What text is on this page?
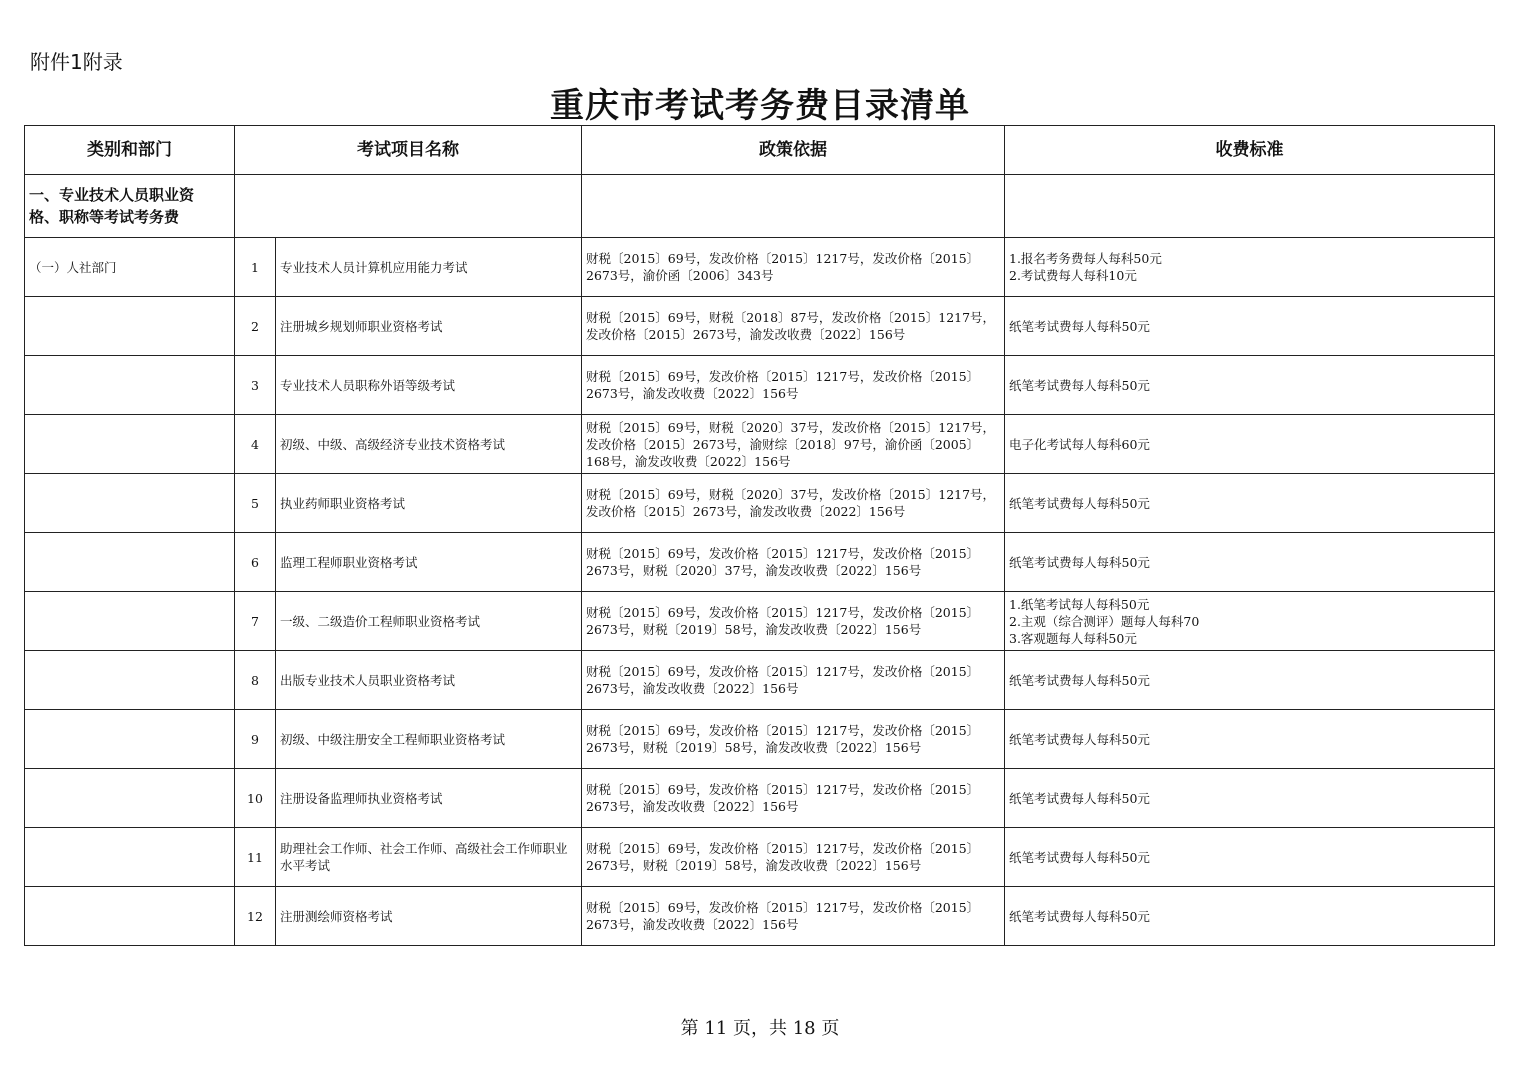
附件1附录
重庆市考试考务费目录清单
类别和部门	考试项目名称		政策依据	收费标准

一、专业技术人员职业资
格、职称等考试考务费				

（一）人社部门	1	专业技术人员计算机应用能力考试	财税〔2015〕69号，发改价格〔2015〕1217号，发改价格〔2015〕2673号，渝价函〔2006〕343号	1.报名考务费每人每科50元
2.考试费每人每科10元

	2	注册城乡规划师职业资格考试	财税〔2015〕69号，财税〔2018〕87号，发改价格〔2015〕1217号，发改价格〔2015〕2673号，渝发改收费〔2022〕156号	纸笔考试费每人每科50元

	3	专业技术人员职称外语等级考试	财税〔2015〕69号，发改价格〔2015〕1217号，发改价格〔2015〕2673号，渝发改收费〔2022〕156号	纸笔考试费每人每科50元

	4	初级、中级、高级经济专业技术资格考试	财税〔2015〕69号，财税〔2020〕37号，发改价格〔2015〕1217号，发改价格〔2015〕2673号，渝财综〔2018〕97号，渝价函〔2005〕168号，渝发改收费〔2022〕156号	电子化考试每人每科60元

	5	执业药师职业资格考试	财税〔2015〕69号，财税〔2020〕37号，发改价格〔2015〕1217号，发改价格〔2015〕2673号，渝发改收费〔2022〕156号	纸笔考试费每人每科50元

	6	监理工程师职业资格考试	财税〔2015〕69号，发改价格〔2015〕1217号，发改价格〔2015〕2673号，财税〔2020〕37号，渝发改收费〔2022〕156号	纸笔考试费每人每科50元

	7	一级、二级造价工程师职业资格考试	财税〔2015〕69号，发改价格〔2015〕1217号，发改价格〔2015〕2673号，财税〔2019〕58号，渝发改收费〔2022〕156号	1.纸笔考试每人每科50元
2.主观（综合测评）题每人每科70
3.客观题每人每科50元

	8	出版专业技术人员职业资格考试	财税〔2015〕69号，发改价格〔2015〕1217号，发改价格〔2015〕2673号，渝发改收费〔2022〕156号	纸笔考试费每人每科50元

	9	初级、中级注册安全工程师职业资格考试	财税〔2015〕69号，发改价格〔2015〕1217号，发改价格〔2015〕2673号，财税〔2019〕58号，渝发改收费〔2022〕156号	纸笔考试费每人每科50元

	10	注册设备监理师执业资格考试	财税〔2015〕69号，发改价格〔2015〕1217号，发改价格〔2015〕2673号，渝发改收费〔2022〕156号	纸笔考试费每人每科50元

	11	助理社会工作师、社会工作师、高级社会工作师职业水平考试	财税〔2015〕69号，发改价格〔2015〕1217号，发改价格〔2015〕2673号，财税〔2019〕58号，渝发改收费〔2022〕156号	纸笔考试费每人每科50元

	12	注册测绘师资格考试	财税〔2015〕69号，发改价格〔2015〕1217号，发改价格〔2015〕2673号，渝发改收费〔2022〕156号	纸笔考试费每人每科50元
第 11 页，共 18 页
